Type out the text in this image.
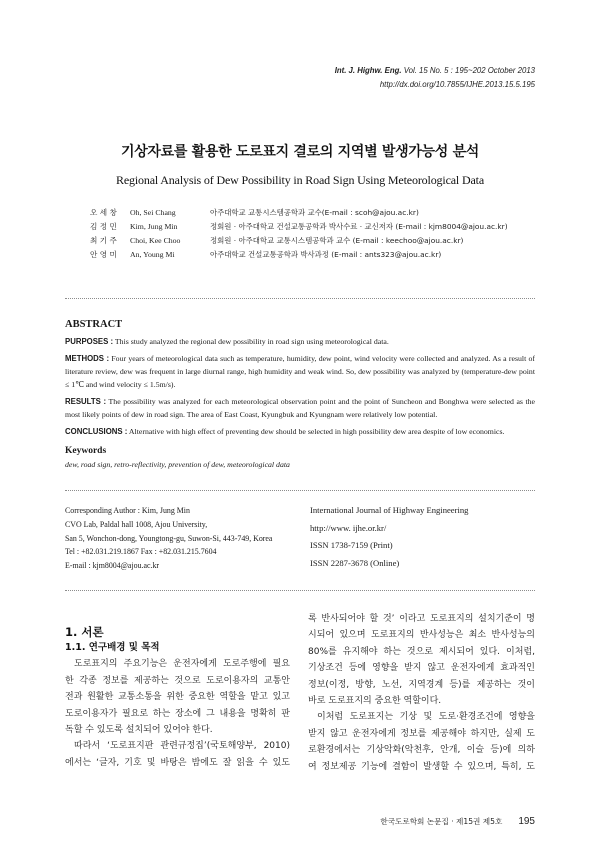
Int. J. Highw. Eng. Vol. 15 No. 5 : 195~202 October 2013
http://dx.doi.org/10.7855/IJHE.2013.15.5.195
기상자료를 활용한 도로표지 결로의 지역별 발생가능성 분석
Regional Analysis of Dew Possibility in Road Sign Using Meteorological Data
오 세 창	Oh, Sei Chang	아주대학교 교통시스템공학과 교수(E-mail : scoh@ajou.ac.kr)
김 정 민	Kim, Jung Min	정회원 · 아주대학교 건설교통공학과 박사수료 · 교신저자 (E-mail : kjm8004@ajou.ac.kr)
최 기 주	Choi, Kee Choo	정회원 · 아주대학교 교통시스템공학과 교수 (E-mail : keechoo@ajou.ac.kr)
안 영 미	An, Young Mi	아주대학교 건설교통공학과 박사과정 (E-mail : ants323@ajou.ac.kr)
ABSTRACT
PURPOSES : This study analyzed the regional dew possibility in road sign using meteorological data.
METHODS : Four years of meteorological data such as temperature, humidity, dew point, wind velocity were collected and analyzed. As a result of literature review, dew was frequent in large diurnal range, high humidity and weak wind. So, dew possibility was analyzed by (temperature-dew point ≤ 1℃ and wind velocity ≤ 1.5m/s).
RESULTS : The possibility was analyzed for each meteorological observation point and the point of Suncheon and Bonghwa were selected as the most likely points of dew in road sign. The area of East Coast, Kyungbuk and Kyungnam were relatively low potential.
CONCLUSIONS : Alternative with high effect of preventing dew should be selected in high possibility dew area despite of low economics.
Keywords
dew, road sign, retro-reflectivity, prevention of dew, meteorological data
Corresponding Author : Kim, Jung Min
CVO Lab, Paldal hall 1008, Ajou University,
San 5, Wonchon-dong, Youngtong-gu, Suwon-Si, 443-749, Korea
Tel : +82.031.219.1867 Fax : +82.031.215.7604
E-mail : kjm8004@ajou.ac.kr
International Journal of Highway Engineering
http://www. ijhe.or.kr/
ISSN 1738-7159 (Print)
ISSN 2287-3678 (Online)
1. 서론
1.1. 연구배경 및 목적
도로표지의 주요기능은 운전자에게 도로주행에 필요
한 각종 정보를 제공하는 것으로 도로이용자의 교통안
전과 원활한 교통소통을 위한 중요한 역할을 맡고 있고
도로이용자가 필요로 하는 장소에 그 내용을 명확히 판
독할 수 있도록 설치되어 있어야 한다.
따라서 ‘도로표지판 관련규정집’(국토해양부, 2010)
에서는 ‘글자, 기호 및 바탕은 밤에도 잘 읽을 수 있도
록 반사되어야 할 것’ 이라고 도로표지의 설치기준이 명
시되어 있으며 도로표지의 반사성능은 최소 반사성능의
80%를 유지해야 하는 것으로 제시되어 있다. 이처럼,
기상조건 등에 영향을 받지 않고 운전자에게 효과적인
정보(이정, 방향, 노선, 지역경계 등)를 제공하는 것이
바로 도로표지의 중요한 역할이다.
이처럼 도로표지는 기상 및 도로·환경조건에 영향을
받지 않고 운전자에게 정보를 제공해야 하지만, 실제 도
로환경에서는 기상악화(악천후, 안개, 이슬 등)에 의하
여 정보제공 기능에 결함이 발생할 수 있으며, 특히, 도
한국도로학회 논문집 · 제15권 제5호 195
